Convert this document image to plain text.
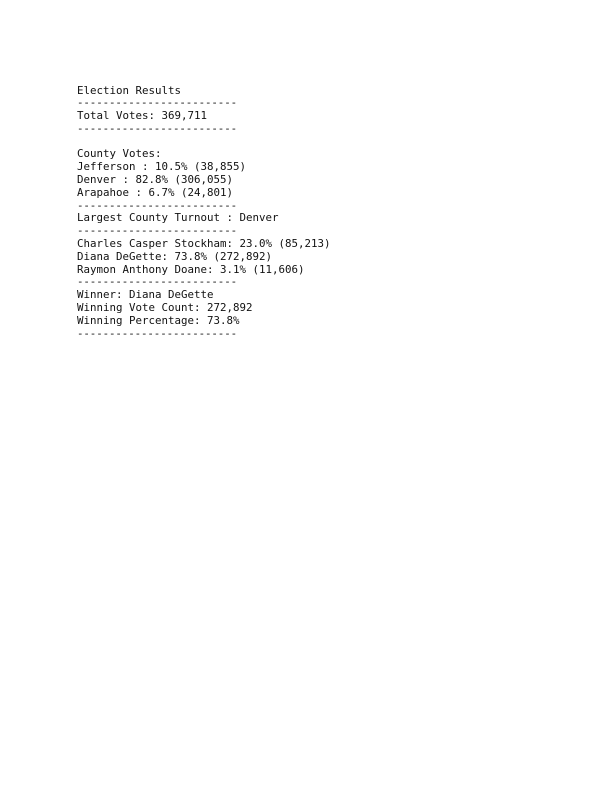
Election Results
-------------------------
Total Votes: 369,711
-------------------------
County Votes:
Jefferson : 10.5% (38,855)
Denver : 82.8% (306,055)
Arapahoe : 6.7% (24,801)
-------------------------
Largest County Turnout : Denver
-------------------------
Charles Casper Stockham: 23.0% (85,213)
Diana DeGette: 73.8% (272,892)
Raymon Anthony Doane: 3.1% (11,606)
-------------------------
Winner: Diana DeGette
Winning Vote Count: 272,892
Winning Percentage: 73.8%
-------------------------
